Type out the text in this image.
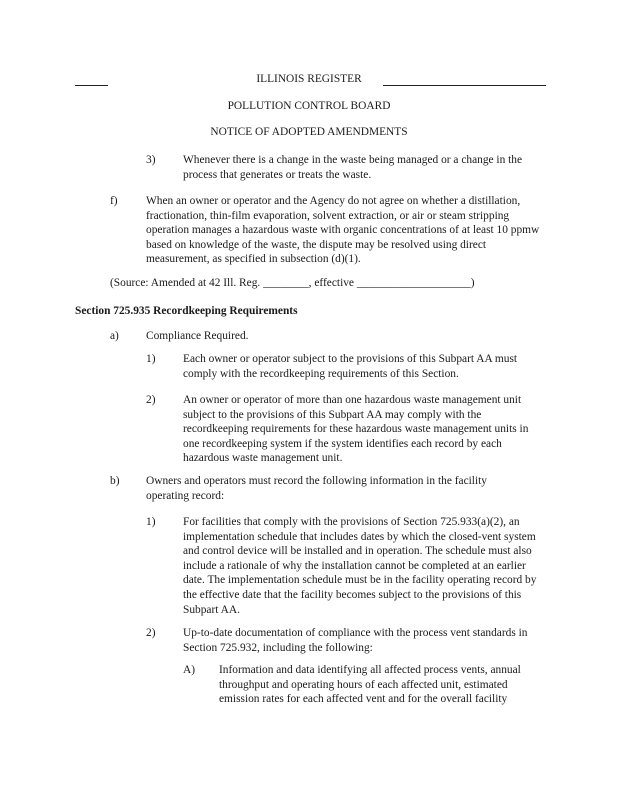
ILLINOIS REGISTER
POLLUTION CONTROL BOARD
NOTICE OF ADOPTED AMENDMENTS
3) Whenever there is a change in the waste being managed or a change in the process that generates or treats the waste.
f) When an owner or operator and the Agency do not agree on whether a distillation, fractionation, thin-film evaporation, solvent extraction, or air or steam stripping operation manages a hazardous waste with organic concentrations of at least 10 ppmw based on knowledge of the waste, the dispute may be resolved using direct measurement, as specified in subsection (d)(1).
(Source: Amended at 42 Ill. Reg. ________, effective ____________________)
Section 725.935 Recordkeeping Requirements
a) Compliance Required.
1) Each owner or operator subject to the provisions of this Subpart AA must comply with the recordkeeping requirements of this Section.
2) An owner or operator of more than one hazardous waste management unit subject to the provisions of this Subpart AA may comply with the recordkeeping requirements for these hazardous waste management units in one recordkeeping system if the system identifies each record by each hazardous waste management unit.
b) Owners and operators must record the following information in the facility operating record:
1) For facilities that comply with the provisions of Section 725.933(a)(2), an implementation schedule that includes dates by which the closed-vent system and control device will be installed and in operation. The schedule must also include a rationale of why the installation cannot be completed at an earlier date. The implementation schedule must be in the facility operating record by the effective date that the facility becomes subject to the provisions of this Subpart AA.
2) Up-to-date documentation of compliance with the process vent standards in Section 725.932, including the following:
A) Information and data identifying all affected process vents, annual throughput and operating hours of each affected unit, estimated emission rates for each affected vent and for the overall facility
